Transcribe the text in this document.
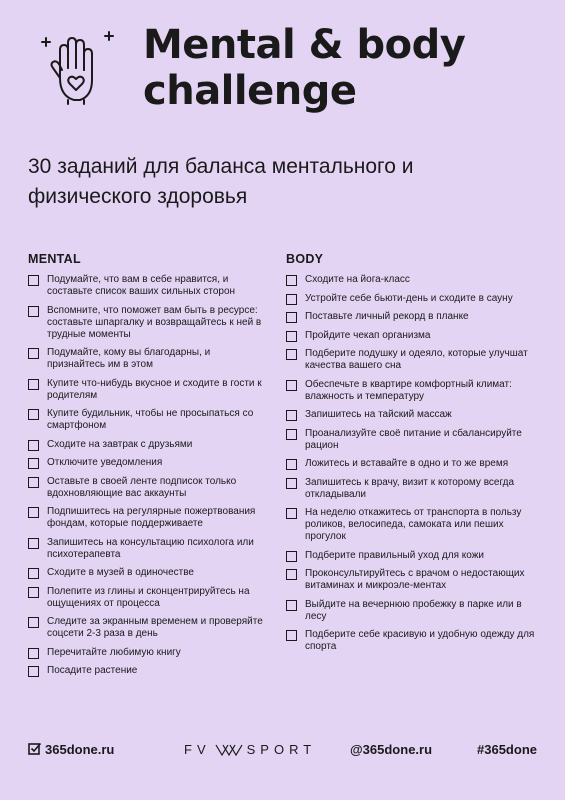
Mental & body
challenge
30 заданий для баланса ментального и физического здоровья
MENTAL
Подумайте, что вам в себе нравится, и составьте список ваших сильных сторон
Вспомните, что поможет вам быть в ресурсе: составьте шпаргалку и возвращайтесь к ней в трудные моменты
Подумайте, кому вы благодарны, и признайтесь им в этом
Купите что-нибудь вкусное и сходите в гости к родителям
Купите будильник, чтобы не просыпаться со смартфоном
Сходите на завтрак с друзьями
Отключите уведомления
Оставьте в своей ленте подписок только вдохновляющие вас аккаунты
Подпишитесь на регулярные пожертвования фондам, которые поддерживаете
Запишитесь на консультацию психолога или психотерапевта
Сходите в музей в одиночестве
Полепите из глины и сконцентрируйтесь на ощущениях от процесса
Следите за экранным временем и проверяйте соцсети 2-3 раза в день
Перечитайте любимую книгу
Посадите растение
BODY
Сходите на йога-класс
Устройте себе бьюти-день и сходите в сауну
Поставьте личный рекорд в планке
Пройдите чекап организма
Подберите подушку и одеяло, которые улучшат качества вашего сна
Обеспечьте в квартире комфортный климат: влажность и температуру
Запишитесь на тайский массаж
Проанализуйте своё питание и сбалансируйте рацион
Ложитесь и вставайте в одно и то же время
Запишитесь к врачу, визит к которому всегда откладывали
На неделю откажитесь от транспорта в пользу роликов, велосипеда, самоката или пеших прогулок
Подберите правильный уход для кожи
Проконсультируйтесь с врачом о недостающих витаминах и микроэле-ментах
Выйдите на вечернюю пробежку в парке или в лесу
Подберите себе красивую и удобную одежду для спорта
365done.ru	FV	SPORT	@365done.ru	#365done
